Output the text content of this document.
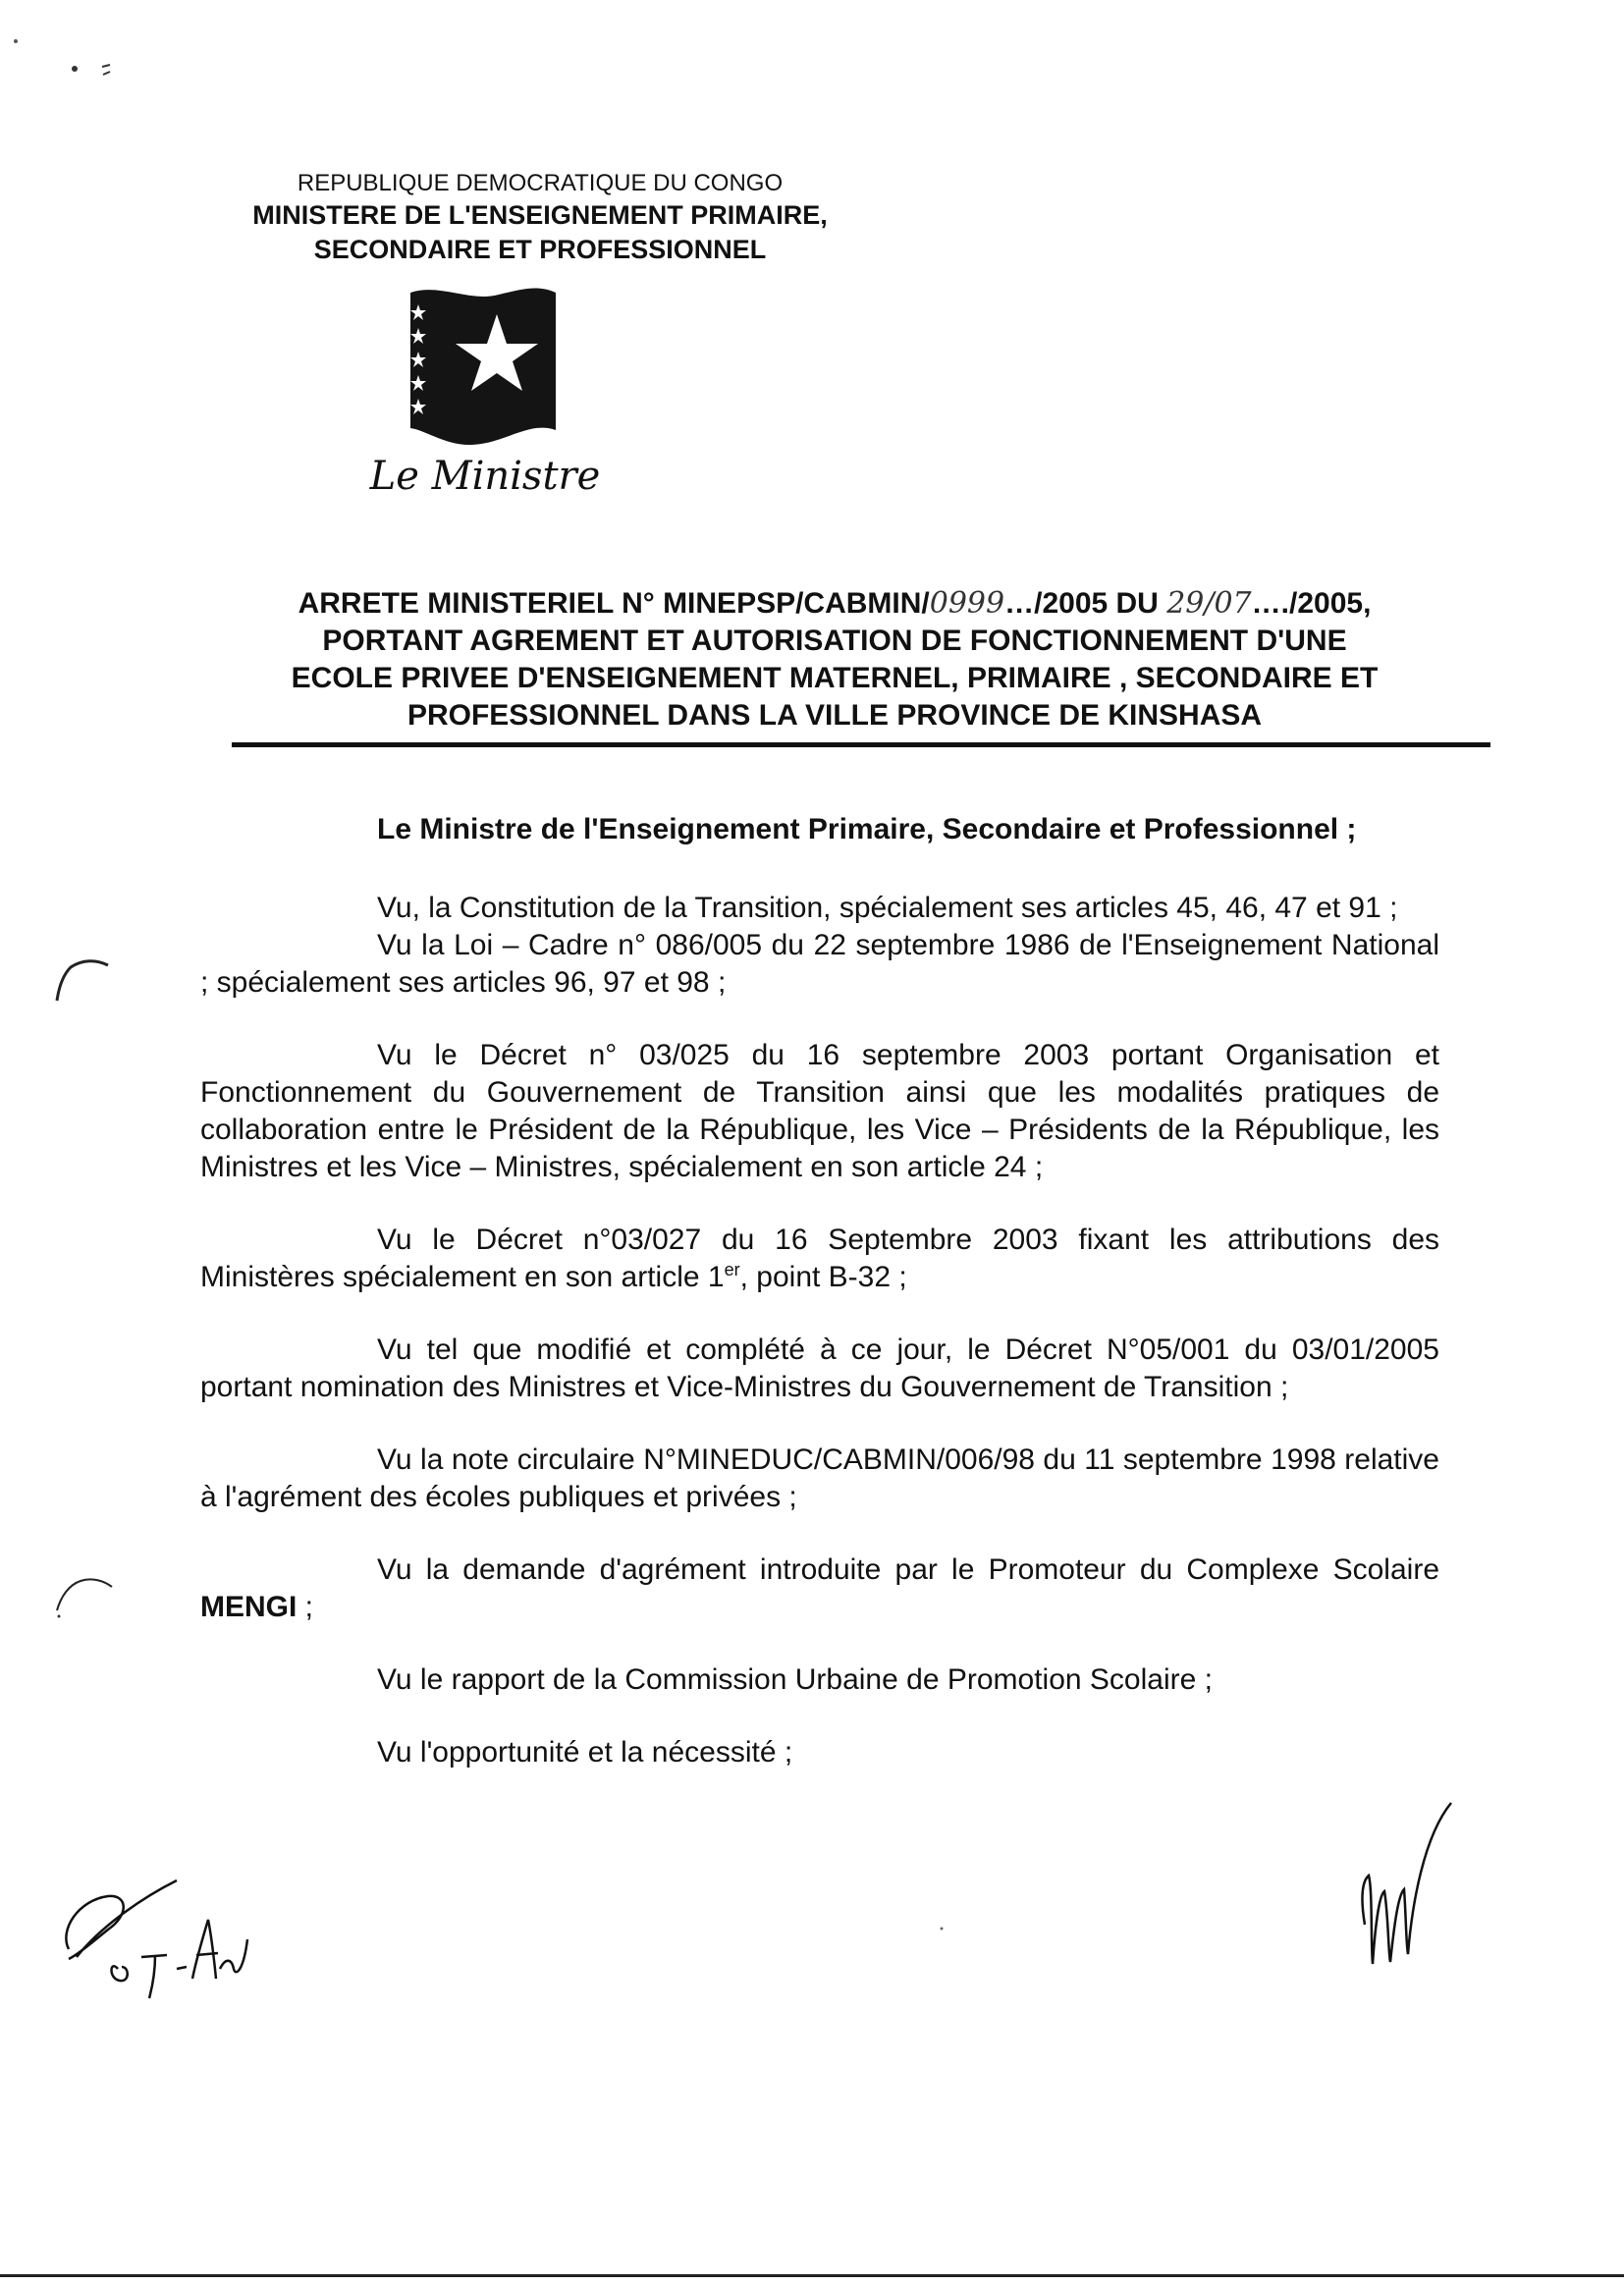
REPUBLIQUE DEMOCRATIQUE DU CONGO
MINISTERE DE L'ENSEIGNEMENT PRIMAIRE,
SECONDAIRE ET PROFESSIONNEL
Le Ministre
ARRETE MINISTERIEL N° MINEPSP/CABMIN/0999…/2005 DU 29/07…./2005,
PORTANT AGREMENT ET AUTORISATION DE FONCTIONNEMENT D'UNE
ECOLE PRIVEE D'ENSEIGNEMENT MATERNEL, PRIMAIRE , SECONDAIRE ET
PROFESSIONNEL DANS LA VILLE PROVINCE DE KINSHASA

Le Ministre de l'Enseignement Primaire, Secondaire et Professionnel ;

Vu, la Constitution de la Transition, spécialement ses articles 45, 46, 47 et 91 ;

Vu la Loi – Cadre n° 086/005 du 22 septembre 1986 de l'Enseignement National ; spécialement ses articles 96, 97 et 98 ;

Vu le Décret n° 03/025 du 16 septembre 2003 portant Organisation et Fonctionnement du Gouvernement de Transition ainsi que les modalités pratiques de collaboration entre le Président de la République, les Vice – Présidents de la République, les Ministres et les Vice – Ministres, spécialement en son article 24 ;

Vu le Décret n°03/027 du 16 Septembre 2003 fixant les attributions des Ministères spécialement en son article 1er, point B-32 ;

Vu tel que modifié et complété à ce jour, le Décret N°05/001 du 03/01/2005 portant nomination des Ministres et Vice-Ministres du Gouvernement de Transition ;

Vu la note circulaire N°MINEDUC/CABMIN/006/98 du 11 septembre 1998 relative à l'agrément des écoles publiques et privées ;

Vu la demande d'agrément introduite par le Promoteur du Complexe Scolaire MENGI ;

Vu le rapport de la Commission Urbaine de Promotion Scolaire ;

Vu l'opportunité et la nécessité ;
